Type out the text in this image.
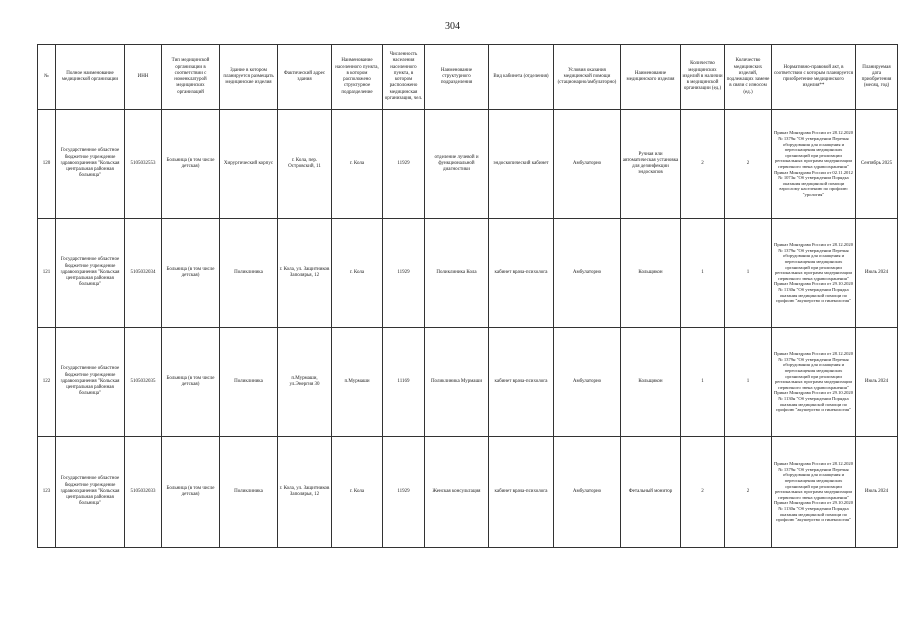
304
№	Полное наименование медицинской организации	ИНН	Тип медицинской организации в соответствии с номенклатурой медицинских организаций	Здание в котором планируется размещать медицинские изделия	Фактический адрес здания	Наименование населенного пункта, в котором расположено структурное подразделение	Численность населения населенного пункта, в котором расположено медицинская организация, чел.	Наименование структурного подразделения	Вид кабинета (отделения)	Условия оказания медицинской помощи (стационарно/амбулаторно)	Наименование медицинского изделия	Количество медицинских изделий в наличии в медицинской организации (ед.)	Количество медицинских изделий, подлежащих замене в связи с износом (ед.)	Нормативно-правовой акт, в соответствии с которым планируется приобретение медицинского изделия**	Планируемая дата приобретения (месяц, год)
120	Государственное областное бюджетное учреждение здравоохранения "Кольская центральная районная больница"	5105032553	Больница (в том числе детская)	Хирургический корпус	г. Кола, пер. Островский, 11	г. Кола	11929	отделение лучевой и функциональной диагностики	эндоскопический кабинет	Амбулаторно	Ручная или автоматическая установка для дезинфекции эндоскопов	2	2	Приказ Минздрава России от 28.12.2020 № 1379н "Об утверждении Перечня оборудования для оснащения и переоснащения медицинских организаций при реализации региональных программ модернизации первичного звена здравоохранения" Приказ Минздрава России от 02.11.2012 № 1073н "Об утверждении Порядка оказания медицинской помощи взрослому населению по профилю "урология"	Сентябрь 2025
121	Государственное областное бюджетное учреждение здравоохранения "Кольская центральная районная больница"	5105032034	Больница (в том числе детская)	Поликлиника	г. Кола, ул. Защитников Заполярья, 12	г. Кола	11929	Поликлиника Кола	кабинет врача-психолога	Амбулаторно	Кольщикон	1	1	Приказ Минздрава России от 28.12.2020 № 1379н "Об утверждении Перечня оборудования для оснащения и переоснащения медицинских организаций при реализации региональных программ модернизации первичного звена здравоохранения" Приказ Минздрава России от 29.10.2020 № 1130н "Об утверждении Порядка оказания медицинской помощи по профилю "акушерство и гинекология"	Июль 2024
122	Государственное областное бюджетное учреждение здравоохранения "Кольская центральная районная больница"	5105032035	Больница (в том числе детская)	Поликлиника	п.Мурмаши, ул.Энергия 30	п.Мурмаши	11169	Поликлиника Мурмаши	кабинет врача-психолога	Амбулаторно	Кольщикон	1	1	Приказ Минздрава России от 28.12.2020 № 1379н "Об утверждении Перечня оборудования для оснащения и переоснащения медицинских организаций при реализации региональных программ модернизации первичного звена здравоохранения" Приказ Минздрава России от 29.10.2020 № 1130н "Об утверждении Порядка оказания медицинской помощи по профилю "акушерство и гинекология"	Июль 2024
123	Государственное областное бюджетное учреждение здравоохранения "Кольская центральная районная больница"	5105032033	Больница (в том числе детская)	Поликлиника	г. Кола, ул. Защитников Заполярья, 12	г. Кола	11929	Женская консультация	кабинет врача-психолога	Амбулаторно	Фетальный монитор	2	2	Приказ Минздрава России от 28.12.2020 № 1379н "Об утверждении Перечня оборудования для оснащения и переоснащения медицинских организаций при реализации региональных программ модернизации первичного звена здравоохранения" Приказ Минздрава России от 29.10.2020 № 1130н "Об утверждении Порядка оказания медицинской помощи по профилю "акушерство и гинекология"	Июль 2024
